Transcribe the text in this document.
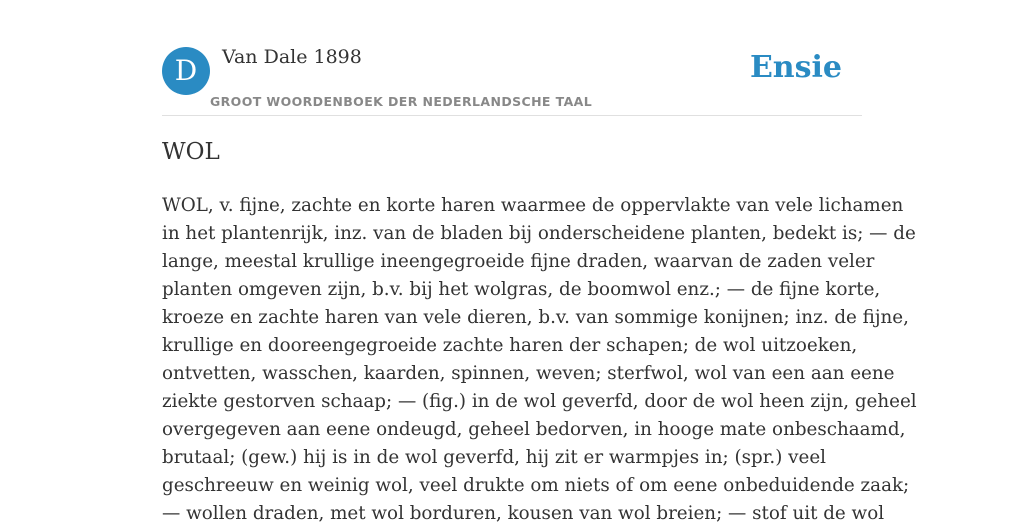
D Van Dale 1898
GROOT WOORDENBOEK DER NEDERLANDSCHE TAAL
Ensie
WOL
WOL, v. fijne, zachte en korte haren waarmee de oppervlakte van vele lichamen
in het plantenrijk, inz. van de bladen bij onderscheidene planten, bedekt is; — de
lange, meestal krullige ineengegroeide fijne draden, waarvan de zaden veler
planten omgeven zijn, b.v. bij het wolgras, de boomwol enz.; — de fijne korte,
kroeze en zachte haren van vele dieren, b.v. van sommige konijnen; inz. de fijne,
krullige en dooreengegroeide zachte haren der schapen; de wol uitzoeken,
ontvetten, wasschen, kaarden, spinnen, weven; sterfwol, wol van een aan eene
ziekte gestorven schaap; — (fig.) in de wol geverfd, door de wol heen zijn, geheel
overgegeven aan eene ondeugd, geheel bedorven, in hooge mate onbeschaamd,
brutaal; (gew.) hij is in de wol geverfd, hij zit er warmpjes in; (spr.) veel
geschreeuw en weinig wol, veel drukte om niets of om eene onbeduidende zaak;
— wollen draden, met wol borduren, kousen van wol breien; — stof uit de wol
